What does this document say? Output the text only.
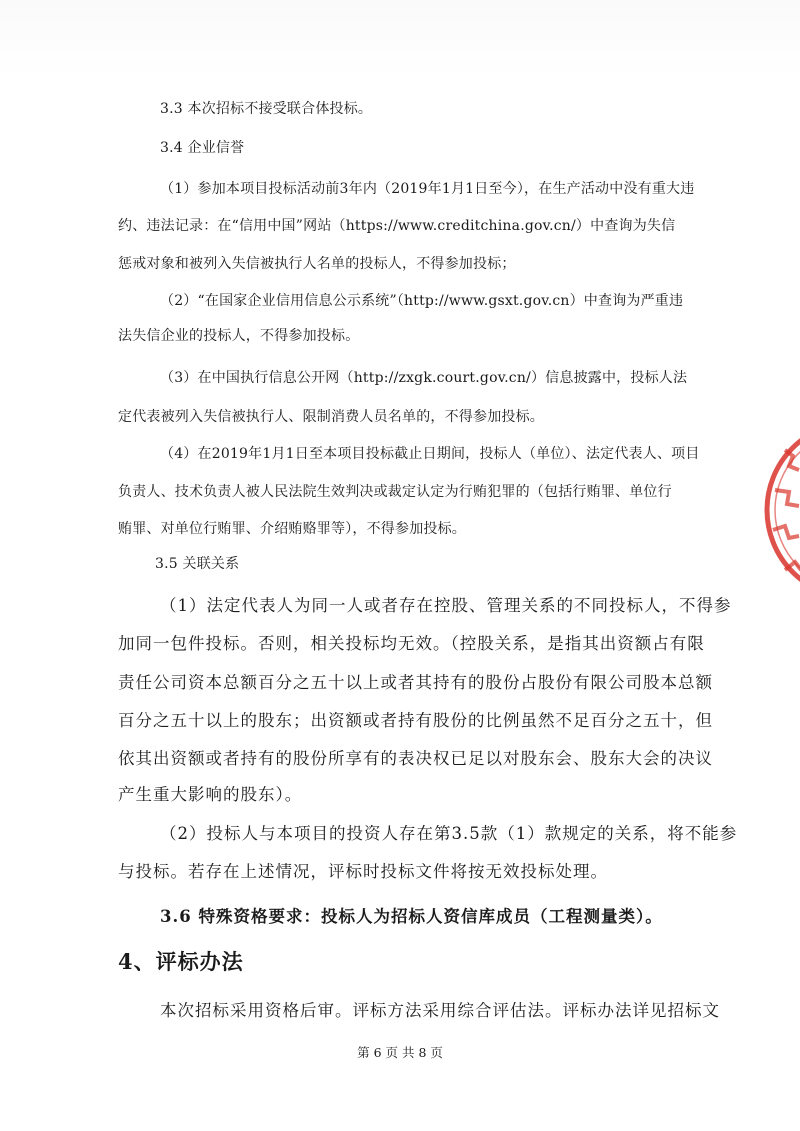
3.3 本次招标不接受联合体投标。
3.4 企业信誉
（1）参加本项目投标活动前3年内（2019年1月1日至今），在生产活动中没有重大违
约、违法记录：在“信用中国”网站（https://www.creditchina.gov.cn/）中查询为失信
惩戒对象和被列入失信被执行人名单的投标人，不得参加投标；
（2）“在国家企业信用信息公示系统”（http://www.gsxt.gov.cn）中查询为严重违
法失信企业的投标人，不得参加投标。
（3）在中国执行信息公开网（http://zxgk.court.gov.cn/）信息披露中，投标人法
定代表被列入失信被执行人、限制消费人员名单的，不得参加投标。
（4）在2019年1月1日至本项目投标截止日期间，投标人（单位）、法定代表人、项目
负责人、技术负责人被人民法院生效判决或裁定认定为行贿犯罪的（包括行贿罪、单位行
贿罪、对单位行贿罪、介绍贿赂罪等），不得参加投标。
3.5 关联关系
（1）法定代表人为同一人或者存在控股、管理关系的不同投标人，不得参
加同一包件投标。否则，相关投标均无效。（控股关系，是指其出资额占有限
责任公司资本总额百分之五十以上或者其持有的股份占股份有限公司股本总额
百分之五十以上的股东；出资额或者持有股份的比例虽然不足百分之五十，但
依其出资额或者持有的股份所享有的表决权已足以对股东会、股东大会的决议
产生重大影响的股东）。
（2）投标人与本项目的投资人存在第3.5款（1）款规定的关系，将不能参
与投标。若存在上述情况，评标时投标文件将按无效投标处理。
3.6 特殊资格要求：投标人为招标人资信库成员（工程测量类）。
4、评标办法
本次招标采用资格后审。评标方法采用综合评估法。评标办法详见招标文
第 6 页 共 8 页
